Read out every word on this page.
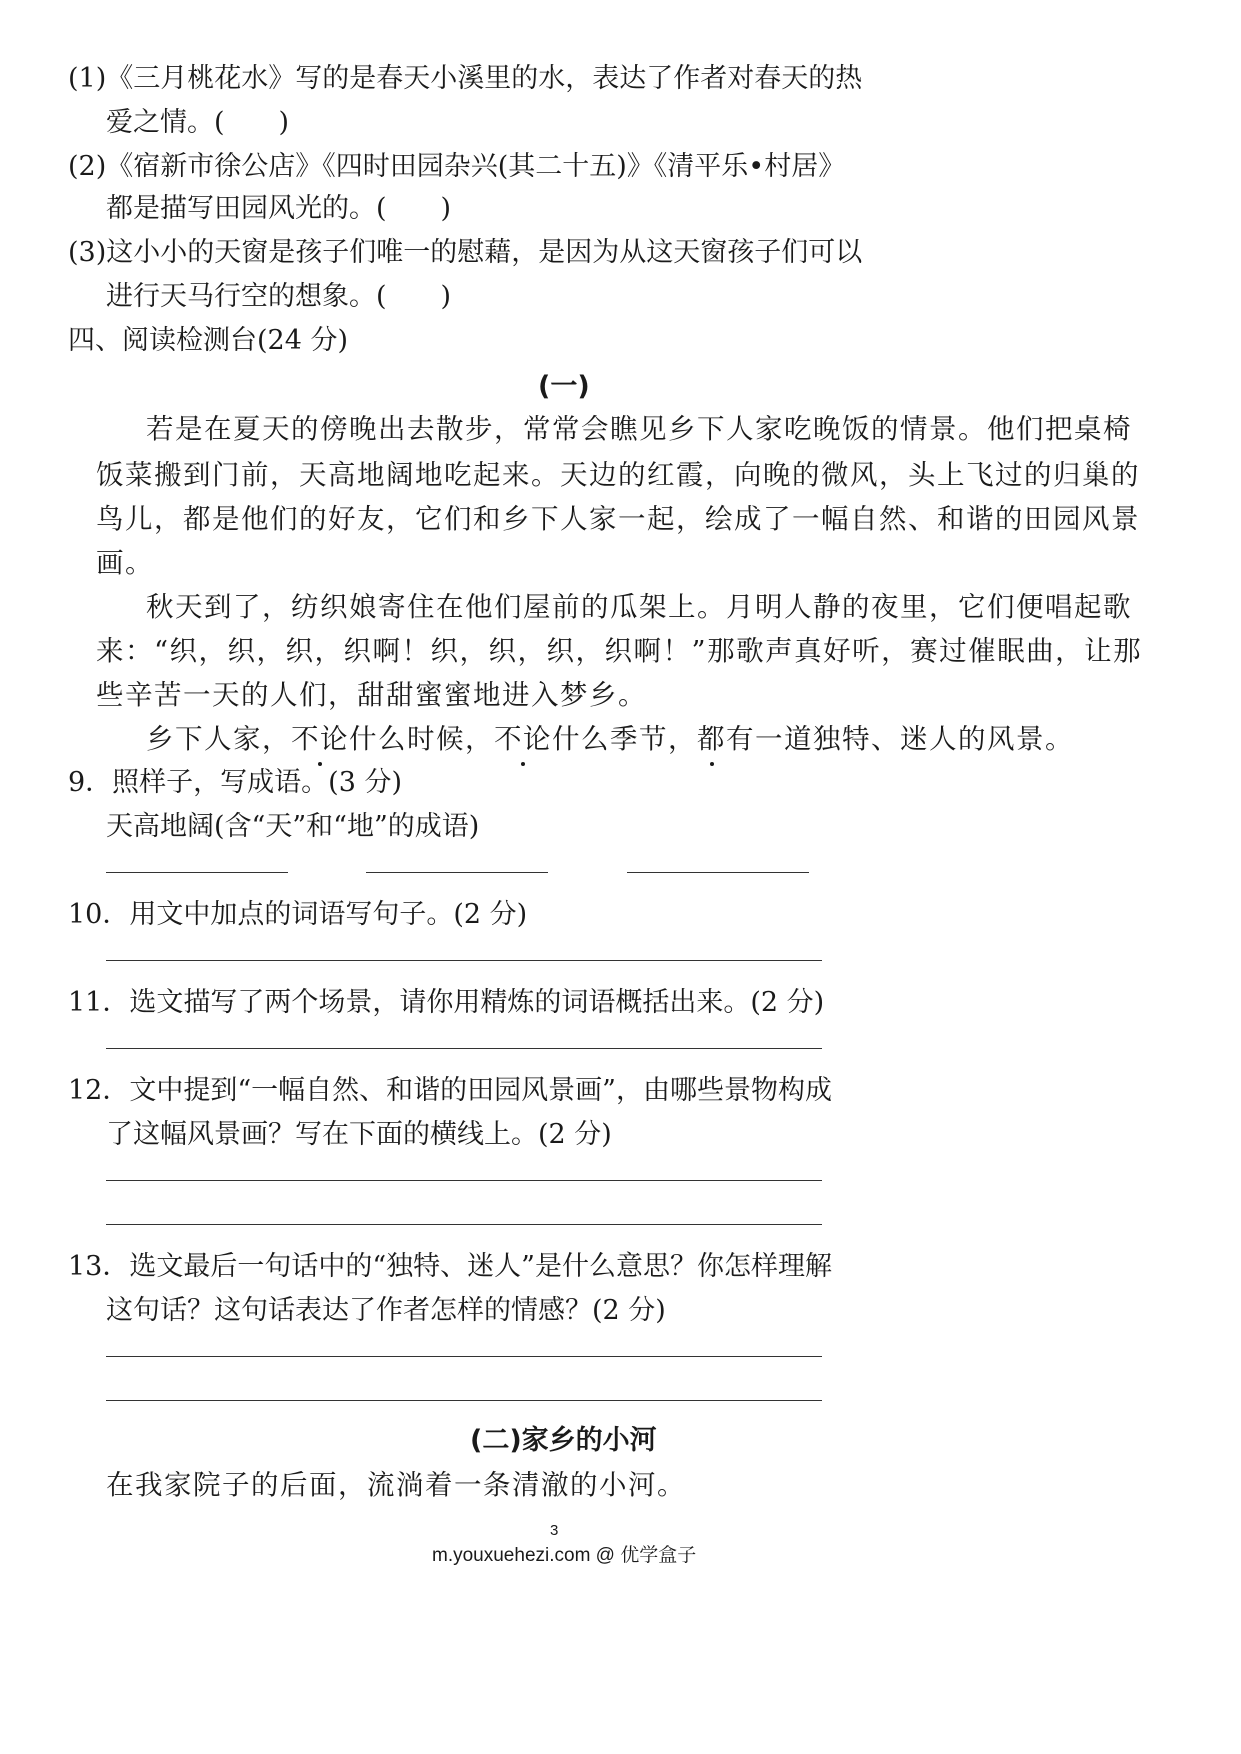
(1)《三月桃花水》写的是春天小溪里的水，表达了作者对春天的热
爱之情。(　　)
(2)《宿新市徐公店》《四时田园杂兴(其二十五)》《清平乐•村居》
都是描写田园风光的。(　　)
(3)这小小的天窗是孩子们唯一的慰藉，是因为从这天窗孩子们可以
进行天马行空的想象。(　　)
四、阅读检测台(24 分)
(一)
若是在夏天的傍晚出去散步，常常会瞧见乡下人家吃晚饭的情景。他们把桌椅
饭菜搬到门前，天高地阔地吃起来。天边的红霞，向晚的微风，头上飞过的归巢的
鸟儿，都是他们的好友，它们和乡下人家一起，绘成了一幅自然、和谐的田园风景
画。
秋天到了，纺织娘寄住在他们屋前的瓜架上。月明人静的夜里，它们便唱起歌
来：“织，织，织，织啊！织，织，织，织啊！”那歌声真好听，赛过催眠曲，让那
些辛苦一天的人们，甜甜蜜蜜地进入梦乡。
乡下人家，不论什么时候，不论什么季节，都有一道独特、迷人的风景。
9．照样子，写成语。(3 分)
天高地阔(含“天”和“地”的成语)
10．用文中加点的词语写句子。(2 分)
11．选文描写了两个场景，请你用精炼的词语概括出来。(2 分)
12．文中提到“一幅自然、和谐的田园风景画”，由哪些景物构成
了这幅风景画？写在下面的横线上。(2 分)
13．选文最后一句话中的“独特、迷人”是什么意思？你怎样理解
这句话？这句话表达了作者怎样的情感？(2 分)
(二)家乡的小河
在我家院子的后面，流淌着一条清澈的小河。
3
m.youxuehezi.com @ 优学盒子
